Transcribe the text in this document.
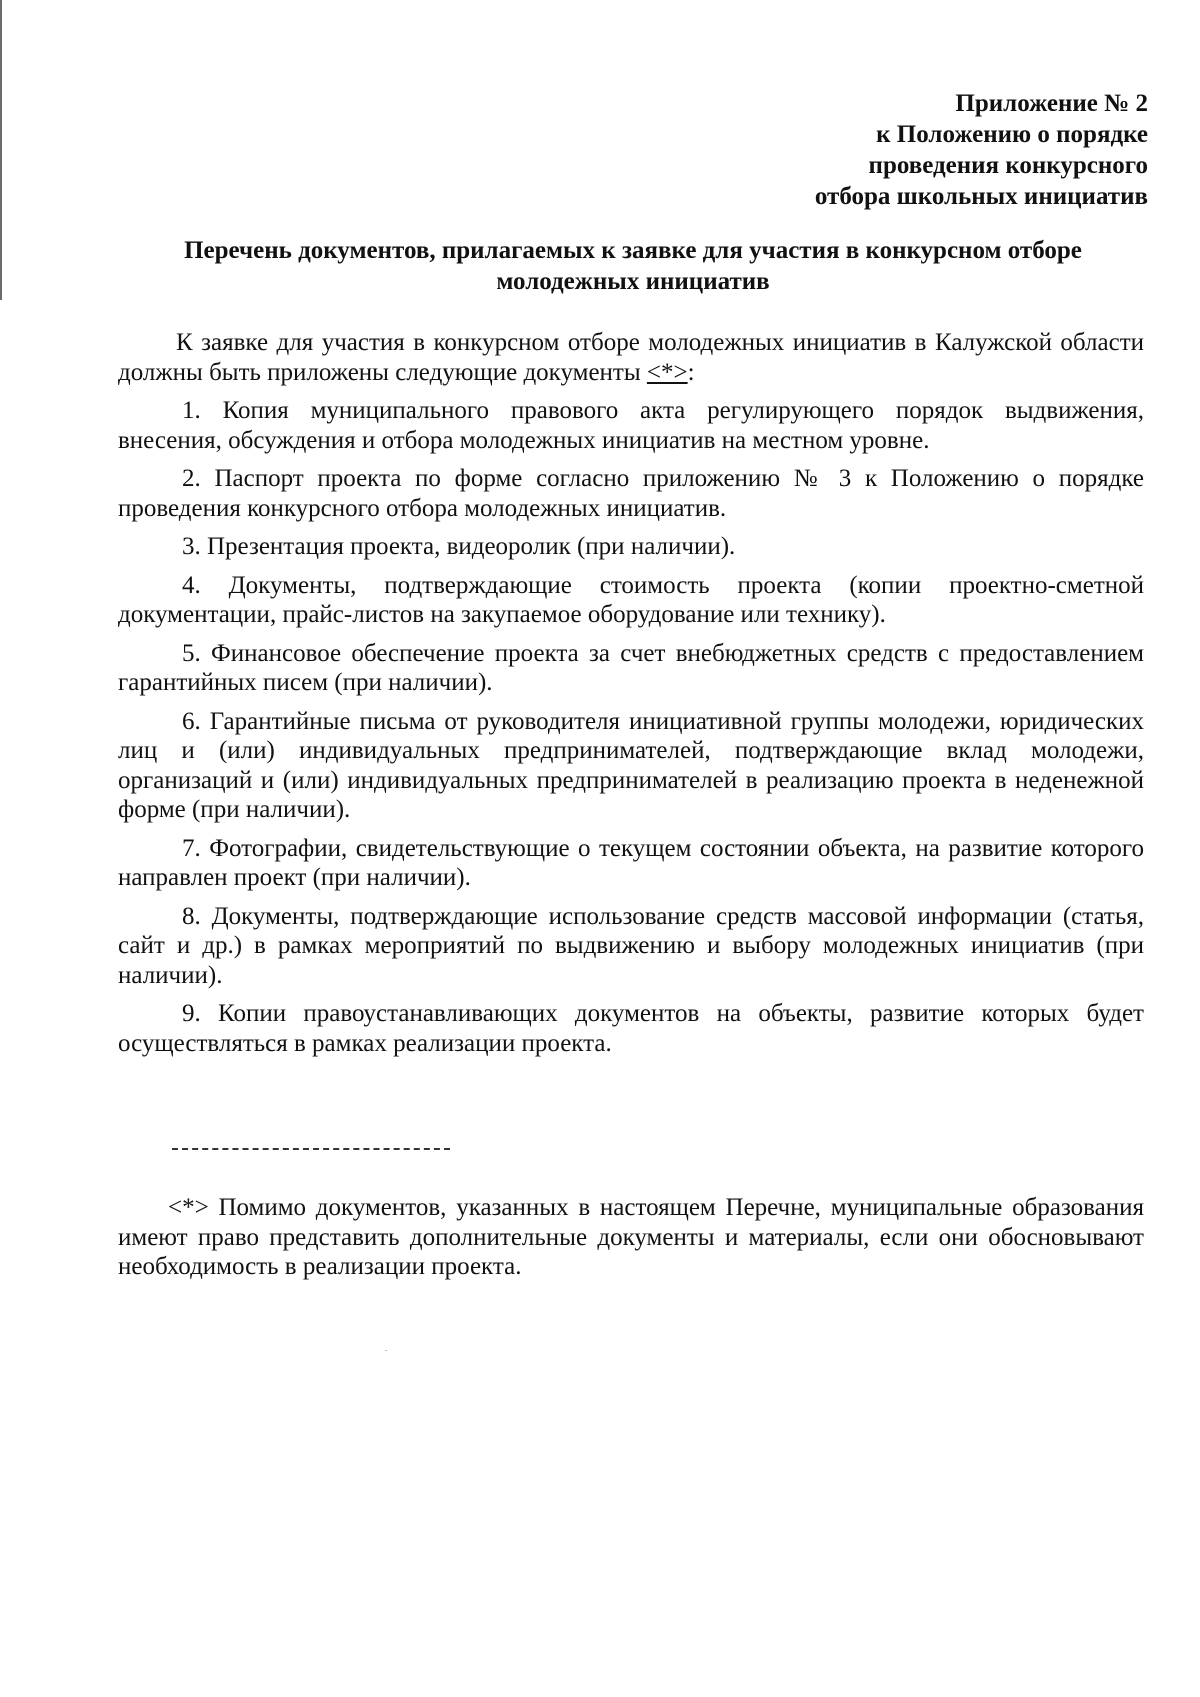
Приложение № 2
к Положению о порядке
проведения конкурсного
отбора школьных инициатив
Перечень документов, прилагаемых к заявке для участия в конкурсном отборе
молодежных инициатив

К заявке для участия в конкурсном отборе молодежных инициатив в Калужской области должны быть приложены следующие документы <*>:

1. Копия муниципального правового акта регулирующего порядок выдвижения, внесения, обсуждения и отбора молодежных инициатив на местном уровне.

2. Паспорт проекта по форме согласно приложению № 3 к Положению о порядке проведения конкурсного отбора молодежных инициатив.

3. Презентация проекта, видеоролик (при наличии).

4. Документы, подтверждающие стоимость проекта (копии проектно-сметной документации, прайс-листов на закупаемое оборудование или технику).

5. Финансовое обеспечение проекта за счет внебюджетных средств с предоставлением гарантийных писем (при наличии).

6. Гарантийные письма от руководителя инициативной группы молодежи, юридических лиц и (или) индивидуальных предпринимателей, подтверждающие вклад молодежи, организаций и (или) индивидуальных предпринимателей в реализацию проекта в неденежной форме (при наличии).

7. Фотографии, свидетельствующие о текущем состоянии объекта, на развитие которого направлен проект (при наличии).

8. Документы, подтверждающие использование средств массовой информации (статья, сайт и др.) в рамках мероприятий по выдвижению и выбору молодежных инициатив (при наличии).

9. Копии правоустанавливающих документов на объекты, развитие которых будет осуществляться в рамках реализации проекта.

<*> Помимо документов, указанных в настоящем Перечне, муниципальные образования имеют право представить дополнительные документы и материалы, если они обосновывают необходимость в реализации проекта.
